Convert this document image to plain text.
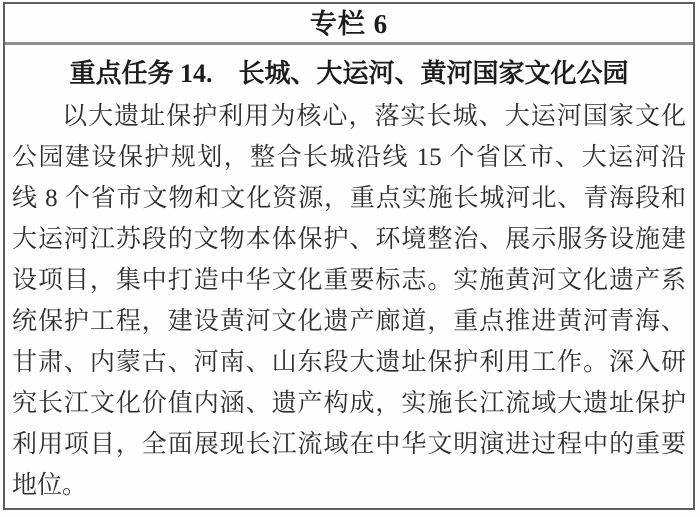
专栏 6
重点任务 14.　长城、大运河、黄河国家文化公园
以大遗址保护利用为核心，落实长城、大运河国家文化
公园建设保护规划，整合长城沿线 15 个省区市、大运河沿
线 8 个省市文物和文化资源，重点实施长城河北、青海段和
大运河江苏段的文物本体保护、环境整治、展示服务设施建
设项目，集中打造中华文化重要标志。实施黄河文化遗产系
统保护工程，建设黄河文化遗产廊道，重点推进黄河青海、
甘肃、内蒙古、河南、山东段大遗址保护利用工作。深入研
究长江文化价值内涵、遗产构成，实施长江流域大遗址保护
利用项目，全面展现长江流域在中华文明演进过程中的重要
地位。
